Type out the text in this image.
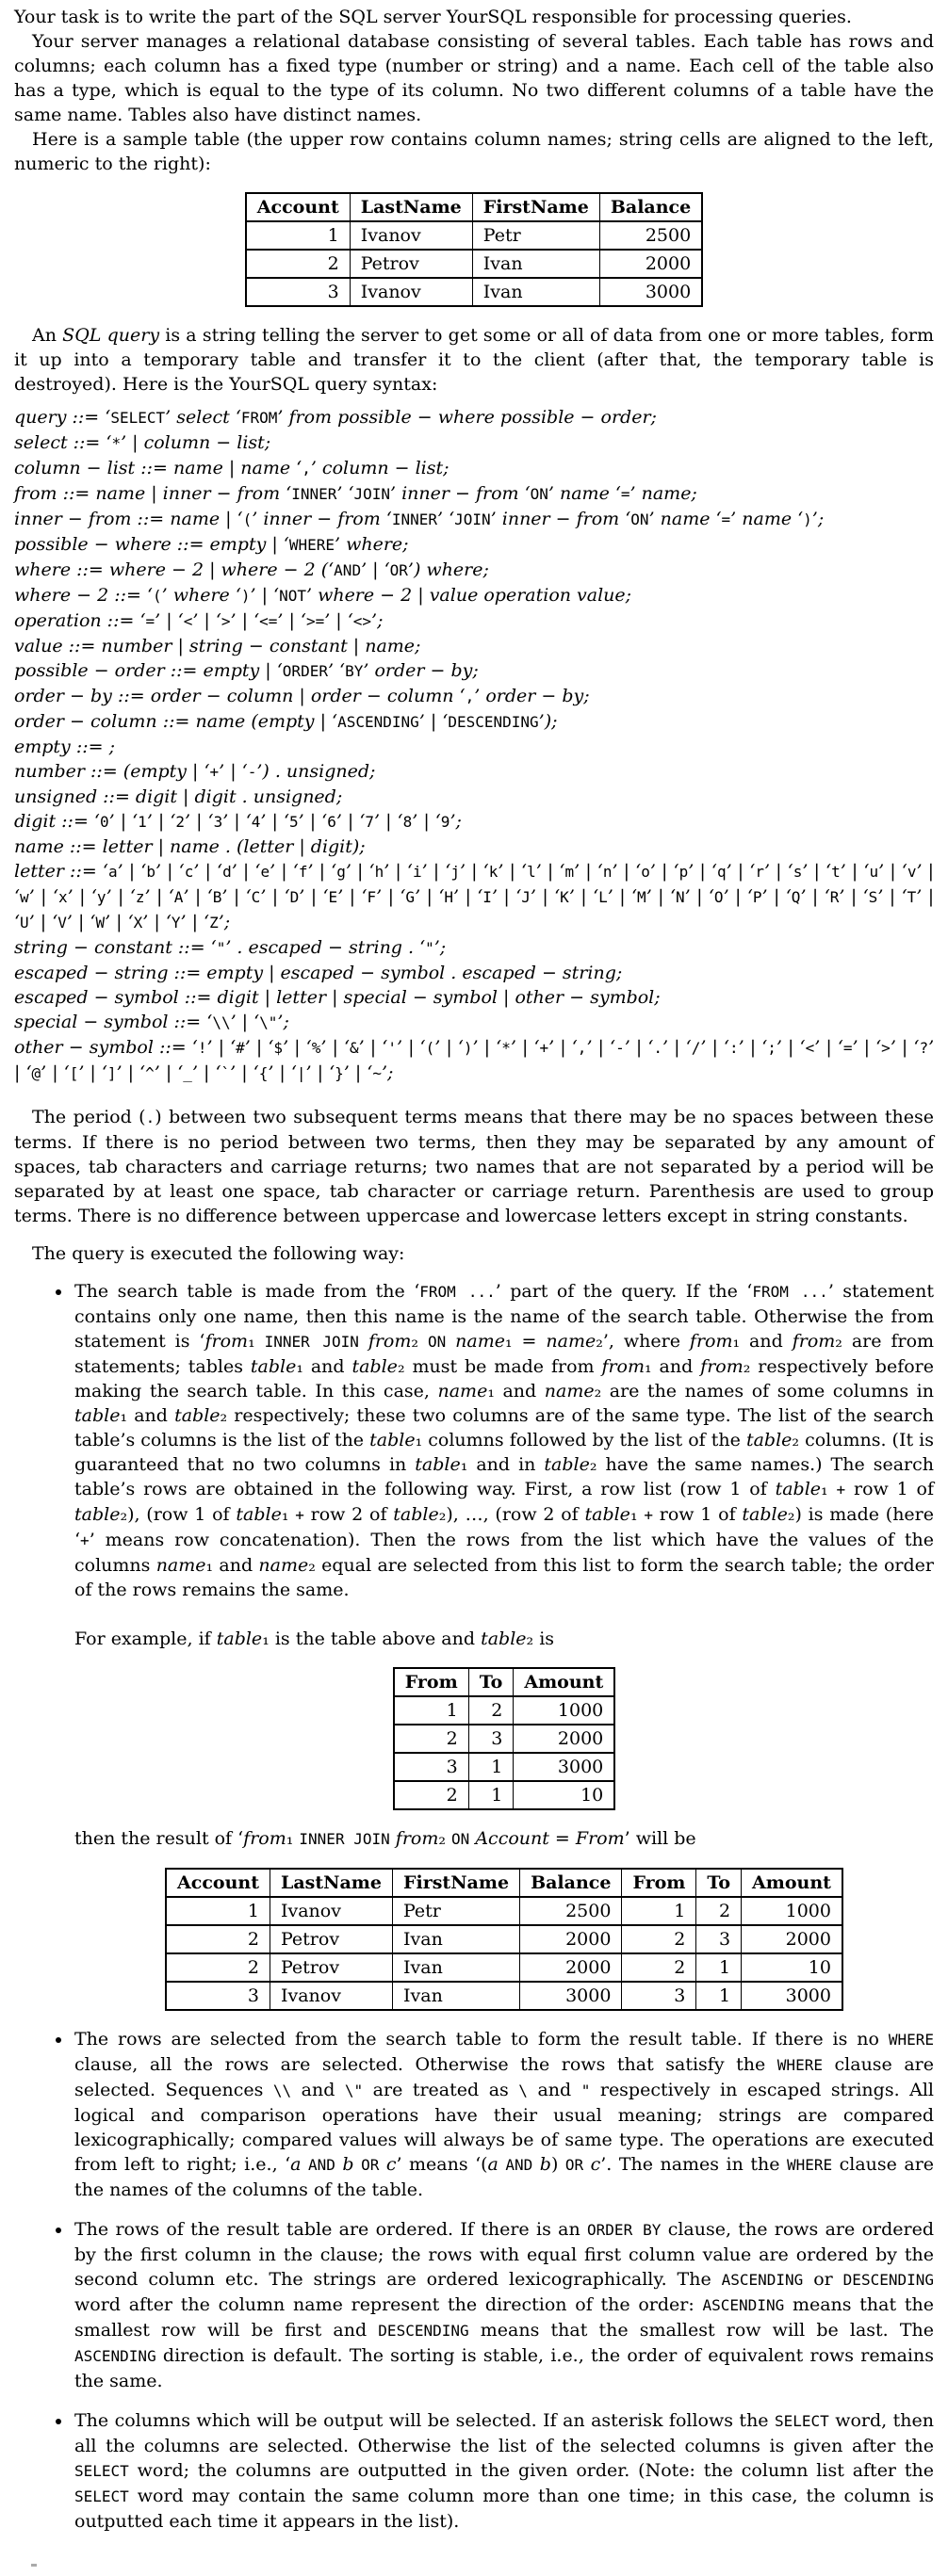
Your task is to write the part of the SQL server YourSQL responsible for processing queries.

Your server manages a relational database consisting of several tables. Each table has rows and columns; each column has a fixed type (number or string) and a name. Each cell of the table also has a type, which is equal to the type of its column. No two different columns of a table have the same name. Tables also have distinct names.

Here is a sample table (the upper row contains column names; string cells are aligned to the left, numeric to the right):

Account	LastName	FirstName	Balance
1	Ivanov	Petr	2500
2	Petrov	Ivan	2000
3	Ivanov	Ivan	3000

An SQL query is a string telling the server to get some or all of data from one or more tables, form it up into a temporary table and transfer it to the client (after that, the temporary table is destroyed). Here is the YourSQL query syntax:

query ::= ‘SELECT’ select ‘FROM’ from possible − where possible − order;
select ::= ‘*’ | column − list;
column − list ::= name | name ‘,’ column − list;
from ::= name | inner − from ‘INNER’ ‘JOIN’ inner − from ‘ON’ name ‘=’ name;
inner − from ::= name | ‘(’ inner − from ‘INNER’ ‘JOIN’ inner − from ‘ON’ name ‘=’ name ‘)’;
possible − where ::= empty | ‘WHERE’ where;
where ::= where − 2 | where − 2 (‘AND’ | ‘OR’) where;
where − 2 ::= ‘(’ where ‘)’ | ‘NOT’ where − 2 | value operation value;
operation ::= ‘=’ | ‘<’ | ‘>’ | ‘<=’ | ‘>=’ | ‘<>’;
value ::= number | string − constant | name;
possible − order ::= empty | ‘ORDER’ ‘BY’ order − by;
order − by ::= order − column | order − column ‘,’ order − by;
order − column ::= name (empty | ‘ASCENDING’ | ‘DESCENDING’);
empty ::= ;
number ::= (empty | ‘+’ | ‘-’) . unsigned;
unsigned ::= digit | digit . unsigned;
digit ::= ‘0’ | ‘1’ | ‘2’ | ‘3’ | ‘4’ | ‘5’ | ‘6’ | ‘7’ | ‘8’ | ‘9’;
name ::= letter | name . (letter | digit);
letter ::= ‘a’ | ‘b’ | ‘c’ | ‘d’ | ‘e’ | ‘f’ | ‘g’ | ‘h’ | ‘i’ | ‘j’ | ‘k’ | ‘l’ | ‘m’ | ‘n’ | ‘o’ | ‘p’ | ‘q’ | ‘r’ | ‘s’ | ‘t’ | ‘u’ | ‘v’ | ‘w’ | ‘x’ | ‘y’ | ‘z’ | ‘A’ | ‘B’ | ‘C’ | ‘D’ | ‘E’ | ‘F’ | ‘G’ | ‘H’ | ‘I’ | ‘J’ | ‘K’ | ‘L’ | ‘M’ | ‘N’ | ‘O’ | ‘P’ | ‘Q’ | ‘R’ | ‘S’ | ‘T’ | ‘U’ | ‘V’ | ‘W’ | ‘X’ | ‘Y’ | ‘Z’;
string − constant ::= ‘"’ . escaped − string . ‘"’;
escaped − string ::= empty | escaped − symbol . escaped − string;
escaped − symbol ::= digit | letter | special − symbol | other − symbol;
special − symbol ::= ‘\\’ | ‘\"’;
other − symbol ::= ‘!’ | ‘#’ | ‘$’ | ‘%’ | ‘&’ | ‘'’ | ‘(’ | ‘)’ | ‘*’ | ‘+’ | ‘,’ | ‘-’ | ‘.’ | ‘/’ | ‘:’ | ‘;’ | ‘<’ | ‘=’ | ‘>’ | ‘?’ | ‘@’ | ‘[’ | ‘]’ | ‘^’ | ‘_’ | ‘`’ | ‘{’ | ‘|’ | ‘}’ | ‘~’;

The period (.) between two subsequent terms means that there may be no spaces between these terms. If there is no period between two terms, then they may be separated by any amount of spaces, tab characters and carriage returns; two names that are not separated by a period will be separated by at least one space, tab character or carriage return. Parenthesis are used to group terms. There is no difference between uppercase and lowercase letters except in string constants.

The query is executed the following way:

• The search table is made from the ‘FROM ...’ part of the query. If the ‘FROM ...’ statement contains only one name, then this name is the name of the search table. Otherwise the from statement is ‘from₁ INNER JOIN from₂ ON name₁ = name₂’, where from₁ and from₂ are from statements; tables table₁ and table₂ must be made from from₁ and from₂ respectively before making the search table. In this case, name₁ and name₂ are the names of some columns in table₁ and table₂ respectively; these two columns are of the same type. The list of the search table’s columns is the list of the table₁ columns followed by the list of the table₂ columns. (It is guaranteed that no two columns in table₁ and in table₂ have the same names.) The search table’s rows are obtained in the following way. First, a row list (row 1 of table₁ + row 1 of table₂), (row 1 of table₁ + row 2 of table₂), …, (row 2 of table₁ + row 1 of table₂) is made (here ‘+’ means row concatenation). Then the rows from the list which have the values of the columns name₁ and name₂ equal are selected from this list to form the search table; the order of the rows remains the same.

For example, if table₁ is the table above and table₂ is

From	To	Amount
1	2	1000
2	3	2000
3	1	3000
2	1	10

then the result of ‘from₁ INNER JOIN from₂ ON Account = From’ will be

Account	LastName	FirstName	Balance	From	To	Amount
1	Ivanov	Petr	2500	1	2	1000
2	Petrov	Ivan	2000	2	3	2000
2	Petrov	Ivan	2000	2	1	10
3	Ivanov	Ivan	3000	3	1	3000

• The rows are selected from the search table to form the result table. If there is no WHERE clause, all the rows are selected. Otherwise the rows that satisfy the WHERE clause are selected. Sequences \\ and \" are treated as \ and " respectively in escaped strings. All logical and comparison operations have their usual meaning; strings are compared lexicographically; compared values will always be of same type. The operations are executed from left to right; i.e., ‘a AND b OR c’ means ‘(a AND b) OR c’. The names in the WHERE clause are the names of the columns of the table.

• The rows of the result table are ordered. If there is an ORDER BY clause, the rows are ordered by the first column in the clause; the rows with equal first column value are ordered by the second column etc. The strings are ordered lexicographically. The ASCENDING or DESCENDING word after the column name represent the direction of the order: ASCENDING means that the smallest row will be first and DESCENDING means that the smallest row will be last. The ASCENDING direction is default. The sorting is stable, i.e., the order of equivalent rows remains the same.

• The columns which will be output will be selected. If an asterisk follows the SELECT word, then all the columns are selected. Otherwise the list of the selected columns is given after the SELECT word; the columns are outputted in the given order. (Note: the column list after the SELECT word may contain the same column more than one time; in this case, the column is outputted each time it appears in the list).
